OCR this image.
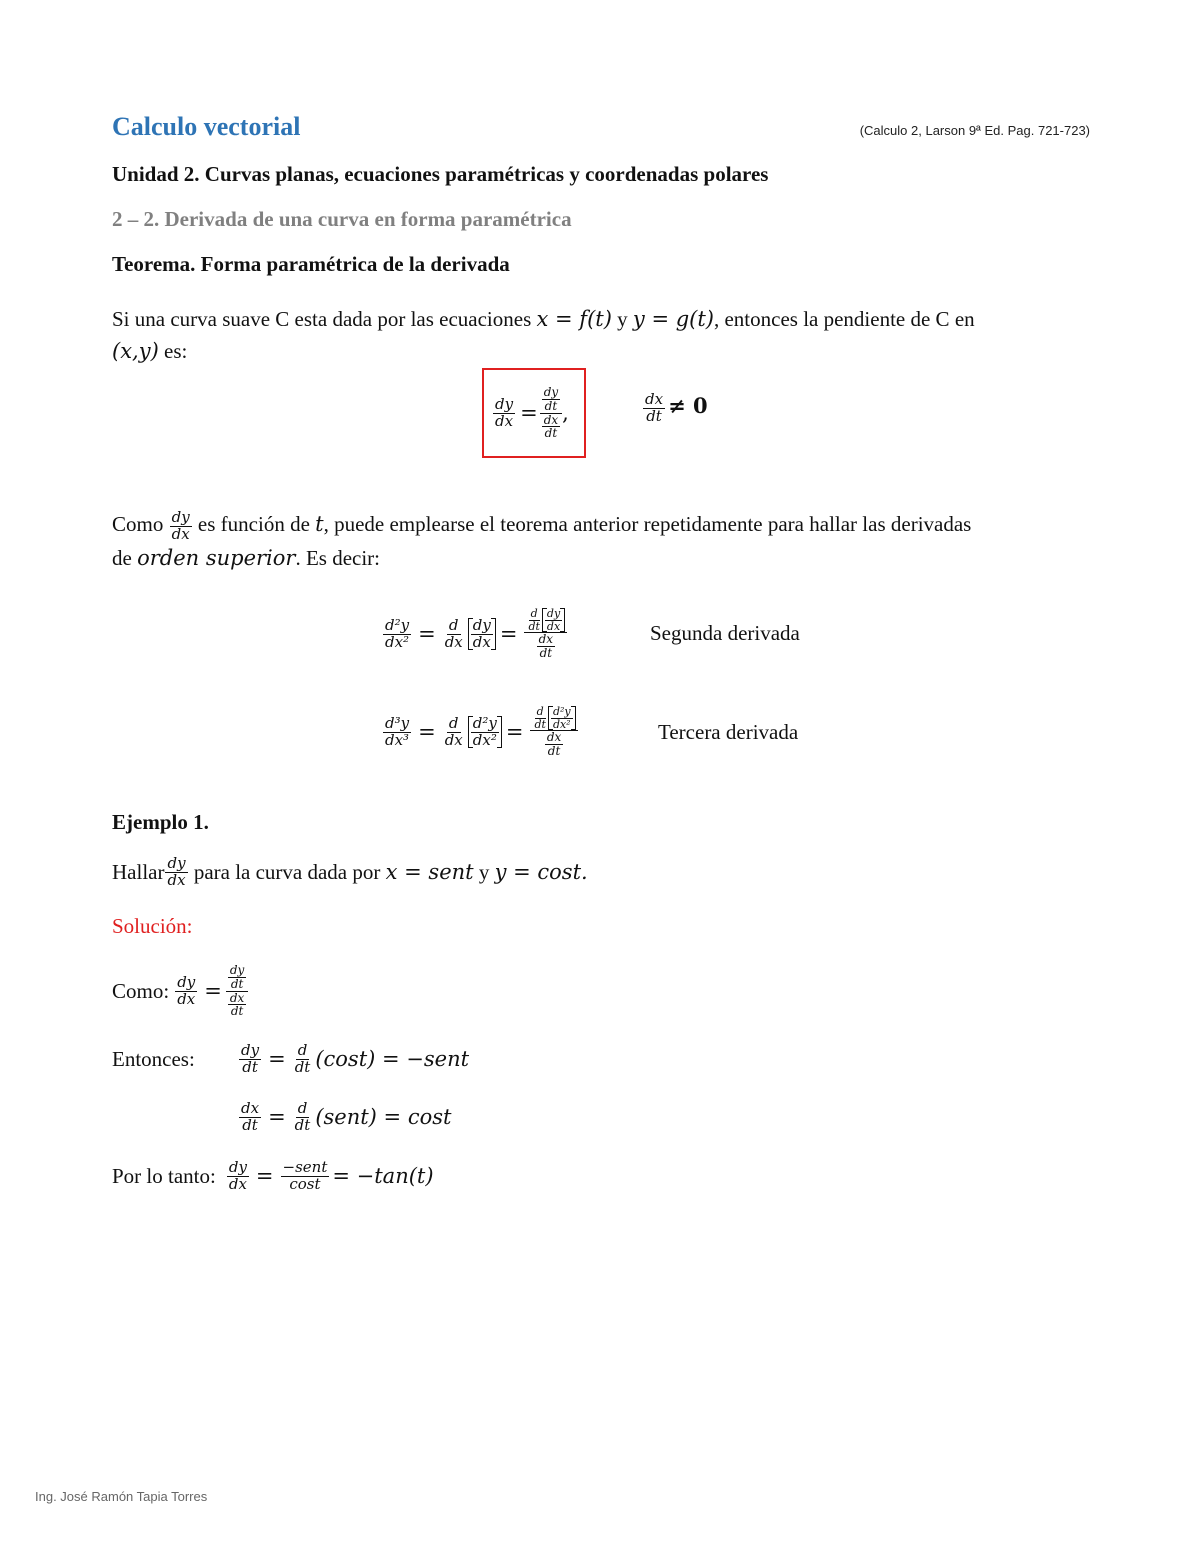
Calculo vectorial	(Calculo 2, Larson 9ª Ed. Pag. 721-723)
Unidad 2. Curvas planas, ecuaciones paramétricas y coordenadas polares
2 – 2. Derivada de una curva en forma paramétrica
Teorema. Forma paramétrica de la derivada
Si una curva suave C esta dada por las ecuaciones x = f(t) y y = g(t), entonces la pendiente de C en
(x,y) es:
$\frac{dy}{dx}$ =
$\frac{dy}{dt}$
$\frac{dx}{dt}$
,	$\frac{dx}{dt} \ne 0$
Como $\frac{dy}{dx}$ es función de t, puede emplearse el teorema anterior repetidamente para hallar las derivadas
de orden superior. Es decir:
$\frac{\text{d²y}}{\text{dx²}} = \frac{d}{dx}$ dy
dx =
d
dt
dy
dx
$\frac{dx}{dt}$
Segunda derivada
$\frac{\text{d³y}}{\text{dx³}} = \frac{d}{dx} d^2y$
dx² =
d
dt
d²y
dx²
$\frac{dx}{dt}$	Tercera derivada
Ejemplo 1.
Hallar dy
dx para la curva dada por x = sent y y = cost.
Solución:
Como: $\frac{dy}{dx}$ =
$\frac{dy}{dt}$
$\frac{dx}{dt}$
Entonces:	$\frac{dy}{dt} = \frac{d}{dt} (\cos t)$ = −sent
$\frac{dx}{dt} = \frac{d}{dt}$ (sent) = cost
Por lo tanto: $\frac{dy}{dx}$ = −sent
cost = −tan(t)
Ing. José Ramón Tapia Torres
